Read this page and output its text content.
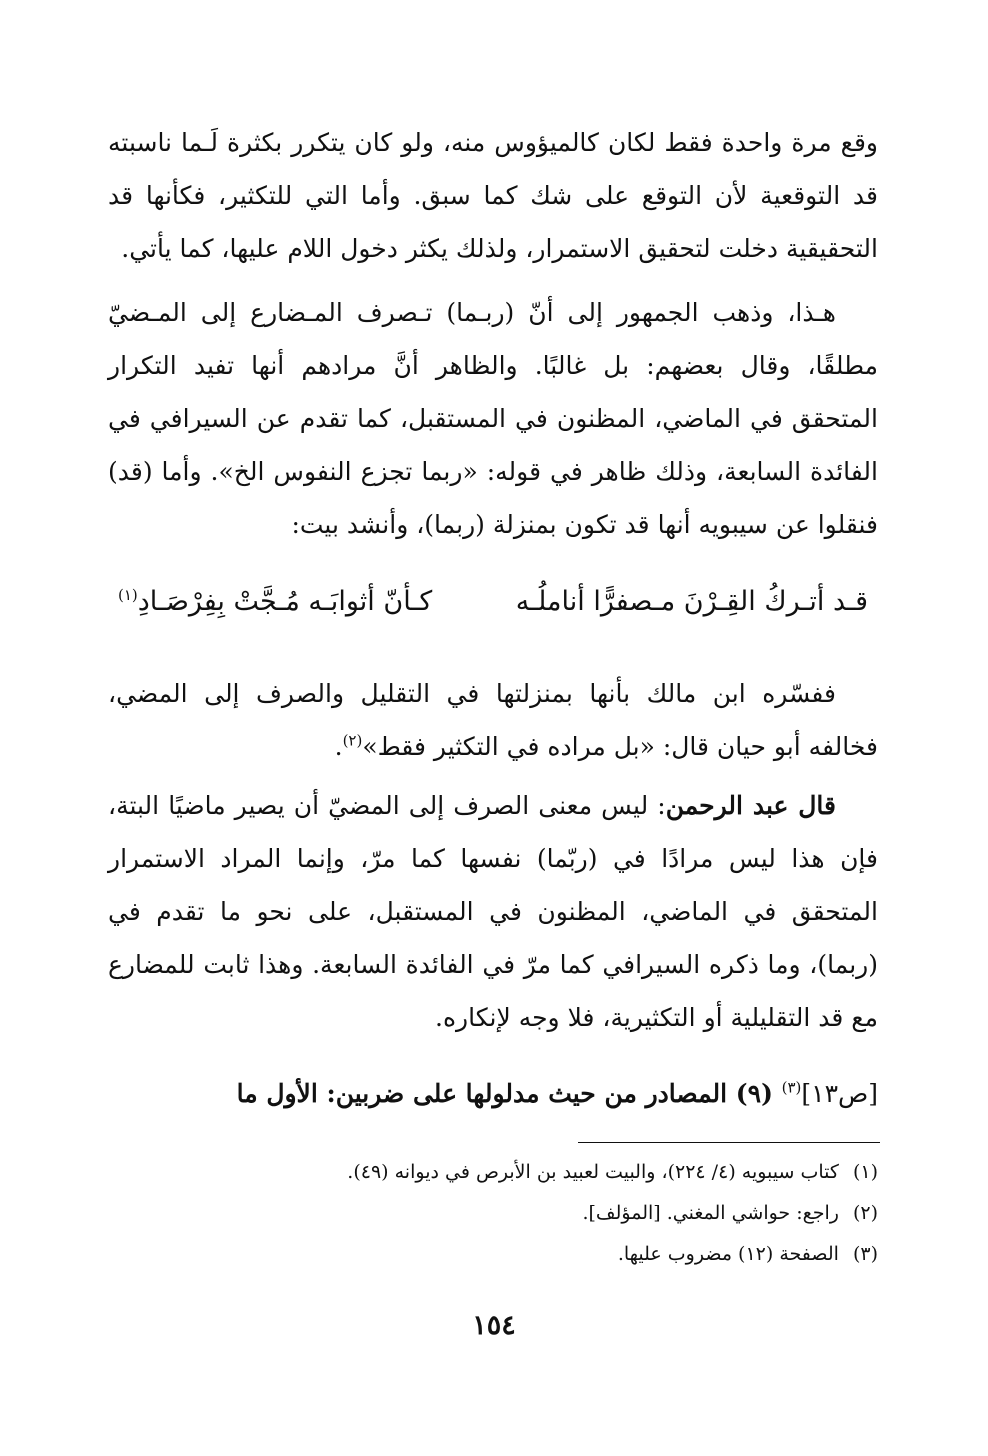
وقع مرة واحدة فقط لكان كالميؤوس منه، ولو كان يتكرر بكثرة لَـما ناسبته قد التوقعية لأن التوقع على شك كما سبق. وأما التي للتكثير، فكأنها قد التحقيقية دخلت لتحقيق الاستمرار، ولذلك يكثر دخول اللام عليها، كما يأتي.

هـذا، وذهب الجمهور إلى أنّ (ربـما) تـصرف المـضارع إلى المـضيّ مطلقًا، وقال بعضهم: بل غالبًا. والظاهر أنَّ مرادهم أنها تفيد التكرار المتحقق في الماضي، المظنون في المستقبل، كما تقدم عن السيرافي في الفائدة السابعة، وذلك ظاهر في قوله: «ربما تجزع النفوس الخ». وأما (قد) فنقلوا عن سيبويه أنها قد تكون بمنزلة (ربما)، وأنشد بيت:

قـد أتـركُ القِـرْنَ مـصفرًّا أناملُـه
كـأنّ أثوابَـه مُـجَّتْ بِفِرْصَـادِ$^{(١)}$

ففسّره ابن مالك بأنها بمنزلتها في التقليل والصرف إلى المضي، فخالفه أبو حيان قال: «بل مراده في التكثير فقط»$^{(٢)}$.

قال عبد الرحمن: ليس معنى الصرف إلى المضيّ أن يصير ماضيًا البتة، فإن هذا ليس مرادًا في (ربّما) نفسها كما مرّ، وإنما المراد الاستمرار المتحقق في الماضي، المظنون في المستقبل، على نحو ما تقدم في (ربما)، وما ذكره السيرافي كما مرّ في الفائدة السابعة. وهذا ثابت للمضارع مع قد التقليلية أو التكثيرية، فلا وجه لإنكاره.

[ص١٣]$^{(٣)}$ (٩) المصادر من حيث مدلولها على ضربين: الأول ما

(١)كتاب سيبويه (٤/ ٢٢٤)، والبيت لعبيد بن الأبرص في ديوانه (٤٩).
(٢)راجع: حواشي المغني. [المؤلف].
(٣)الصفحة (١٢) مضروب عليها.
١٥٤
